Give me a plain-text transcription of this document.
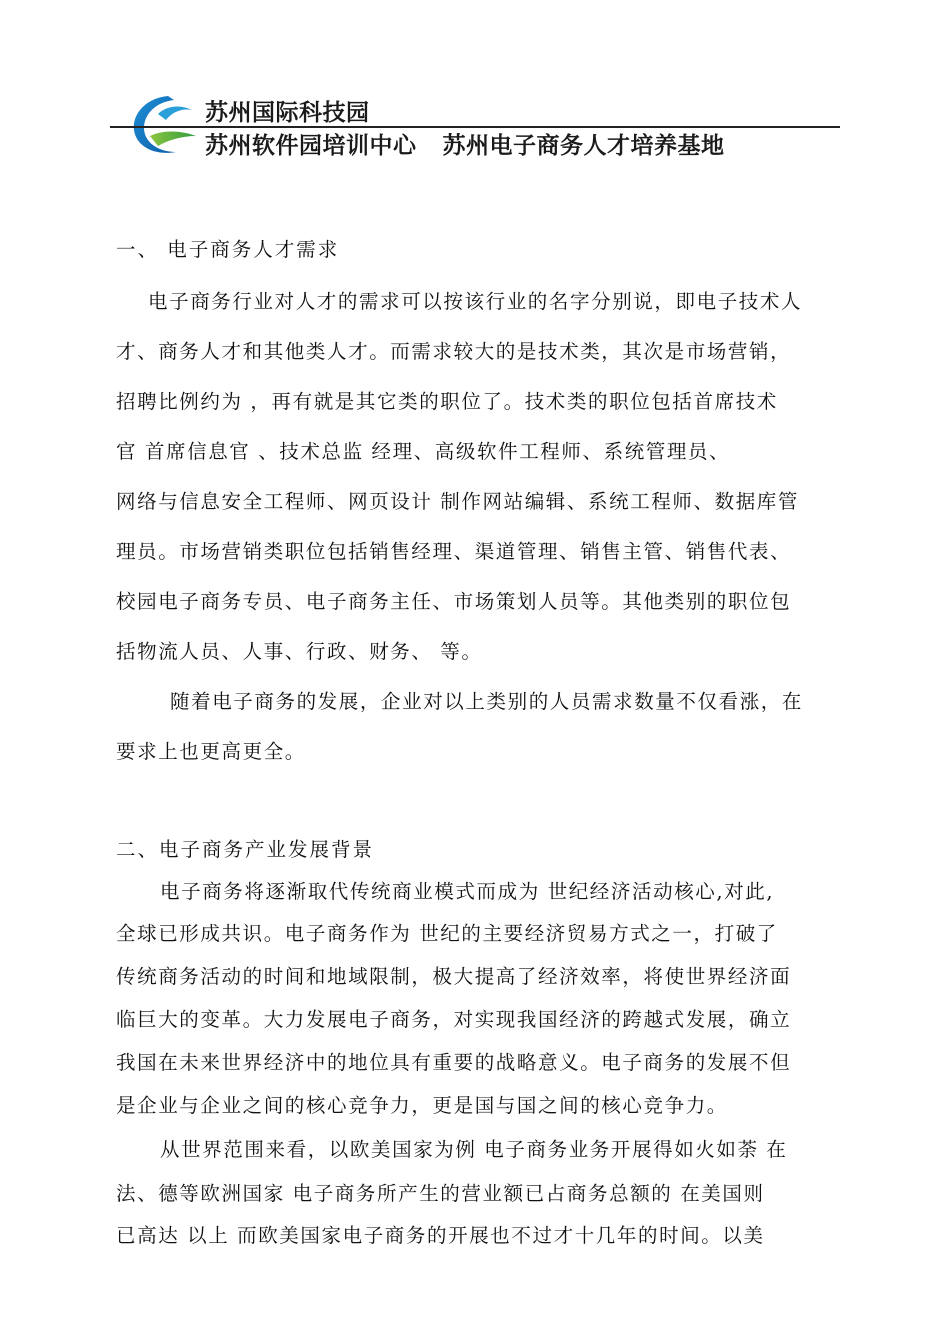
苏州国际科技园
苏州软件园培训中心 苏州电子商务人才培养基地
一、 电子商务人才需求
电子商务行业对人才的需求可以按该行业的名字分别说，即电子技术人
才、商务人才和其他类人才。而需求较大的是技术类，其次是市场营销，
招聘比例约为 ，再有就是其它类的职位了。技术类的职位包括首席技术
官 首席信息官 、技术总监 经理、高级软件工程师、系统管理员、
网络与信息安全工程师、网页设计 制作网站编辑、系统工程师、数据库管
理员。市场营销类职位包括销售经理、渠道管理、销售主管、销售代表、
校园电子商务专员、电子商务主任、市场策划人员等。其他类别的职位包
括物流人员、人事、行政、财务、 等。
随着电子商务的发展，企业对以上类别的人员需求数量不仅看涨，在
要求上也更高更全。
二、电子商务产业发展背景
电子商务将逐渐取代传统商业模式而成为 世纪经济活动核心,对此,
全球已形成共识。电子商务作为 世纪的主要经济贸易方式之一，打破了
传统商务活动的时间和地域限制，极大提高了经济效率，将使世界经济面
临巨大的变革。大力发展电子商务，对实现我国经济的跨越式发展，确立
我国在未来世界经济中的地位具有重要的战略意义。电子商务的发展不但
是企业与企业之间的核心竞争力，更是国与国之间的核心竞争力。
从世界范围来看，以欧美国家为例 电子商务业务开展得如火如荼 在
法、德等欧洲国家 电子商务所产生的营业额已占商务总额的 在美国则
已高达 以上 而欧美国家电子商务的开展也不过才十几年的时间。以美
